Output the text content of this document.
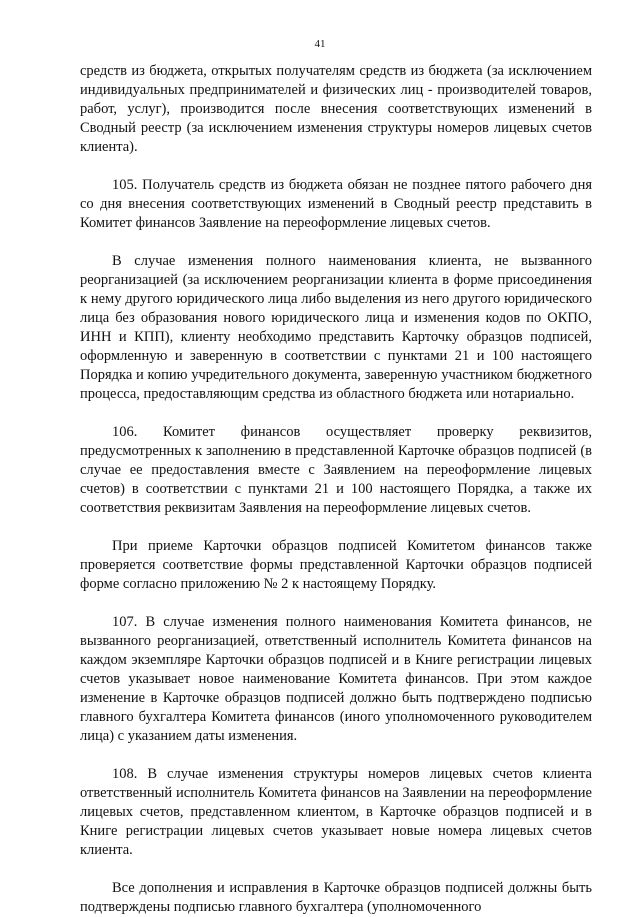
41

средств из бюджета, открытых получателям средств из бюджета (за исключением индивидуальных предпринимателей и физических лиц - производителей товаров, работ, услуг), производится после внесения соответствующих изменений в Сводный реестр (за исключением изменения структуры номеров лицевых счетов клиента).

105. Получатель средств из бюджета обязан не позднее пятого рабочего дня со дня внесения соответствующих изменений в Сводный реестр представить в Комитет финансов Заявление на переоформление лицевых счетов.

В случае изменения полного наименования клиента, не вызванного реорганизацией (за исключением реорганизации клиента в форме присоединения к нему другого юридического лица либо выделения из него другого юридического лица без образования нового юридического лица и изменения кодов по ОКПО, ИНН и КПП), клиенту необходимо представить Карточку образцов подписей, оформленную и заверенную в соответствии с пунктами 21 и 100 настоящего Порядка и копию учредительного документа, заверенную участником бюджетного процесса, предоставляющим средства из областного бюджета или нотариально.

106. Комитет финансов осуществляет проверку реквизитов, предусмотренных к заполнению в представленной Карточке образцов подписей (в случае ее предоставления вместе с Заявлением на переоформление лицевых счетов) в соответствии с пунктами 21 и 100 настоящего Порядка, а также их соответствия реквизитам Заявления на переоформление лицевых счетов.

При приеме Карточки образцов подписей Комитетом финансов также проверяется соответствие формы представленной Карточки образцов подписей форме согласно приложению № 2 к настоящему Порядку.

107. В случае изменения полного наименования Комитета финансов, не вызванного реорганизацией, ответственный исполнитель Комитета финансов на каждом экземпляре Карточки образцов подписей и в Книге регистрации лицевых счетов указывает новое наименование Комитета финансов. При этом каждое изменение в Карточке образцов подписей должно быть подтверждено подписью главного бухгалтера Комитета финансов (иного уполномоченного руководителем лица) с указанием даты изменения.

108. В случае изменения структуры номеров лицевых счетов клиента ответственный исполнитель Комитета финансов на Заявлении на переоформление лицевых счетов, представленном клиентом, в Карточке образцов подписей и в Книге регистрации лицевых счетов указывает новые номера лицевых счетов клиента.

Все дополнения и исправления в Карточке образцов подписей должны быть подтверждены подписью главного бухгалтера (уполномоченного
